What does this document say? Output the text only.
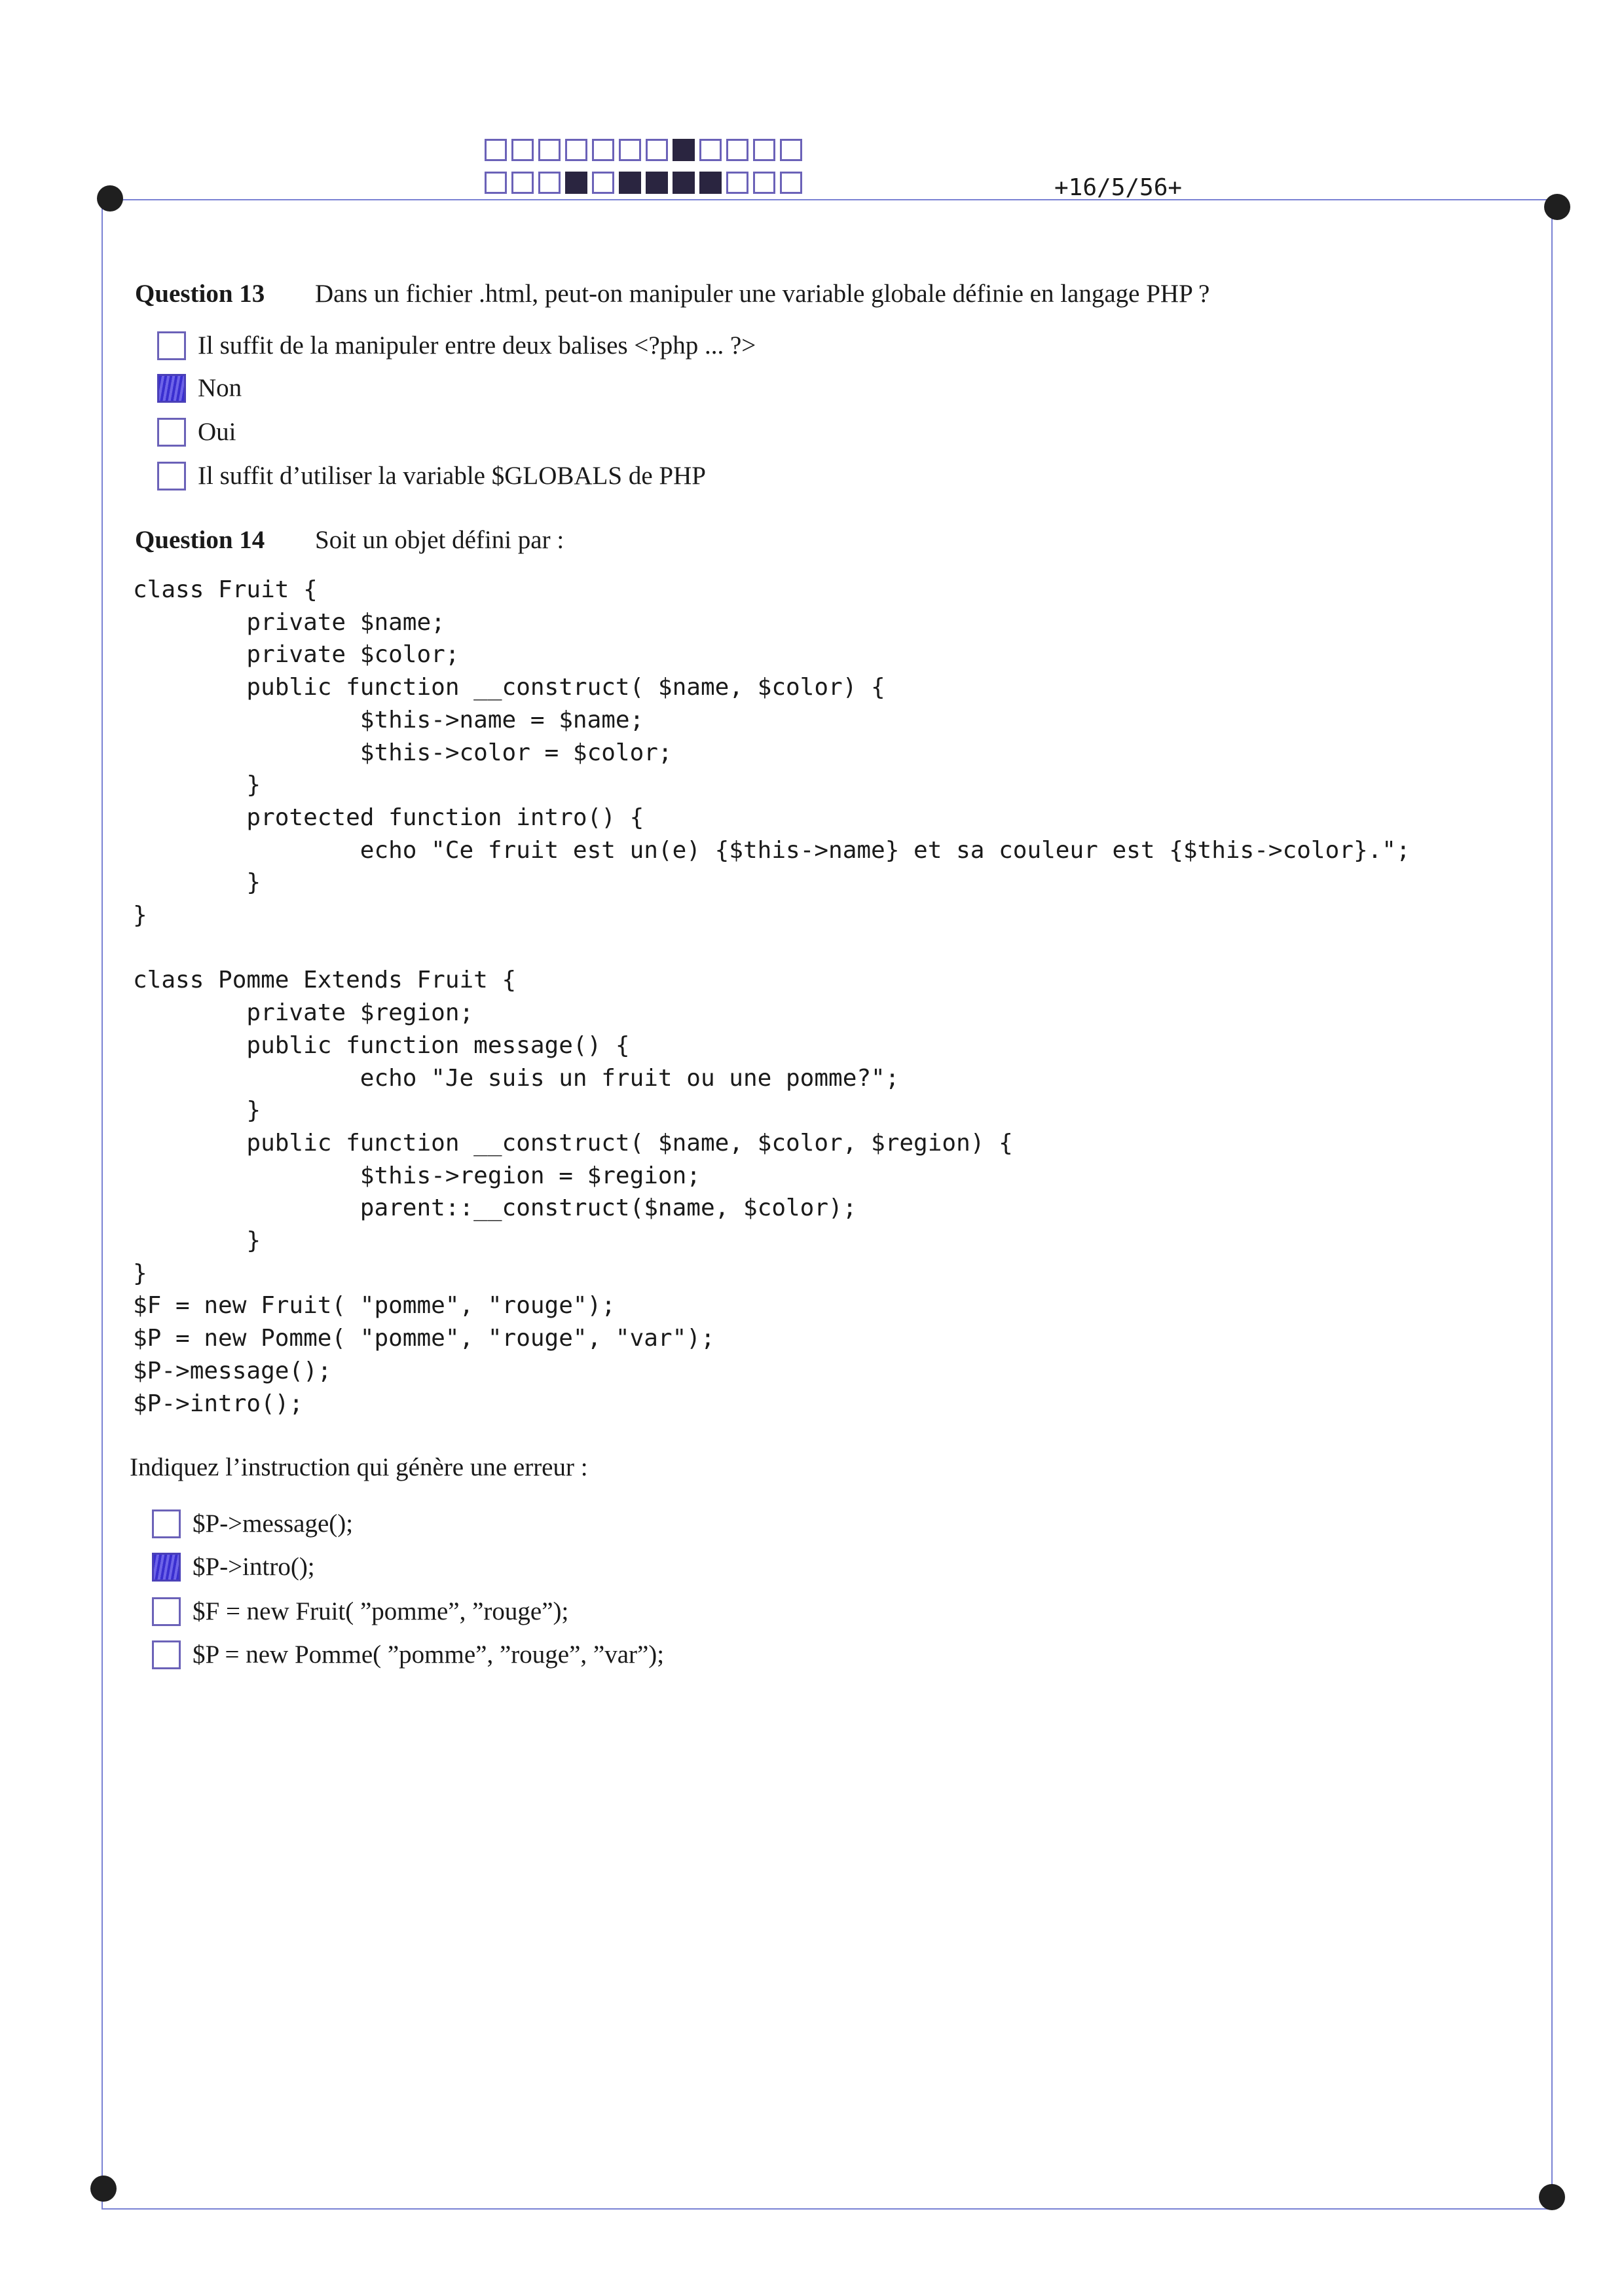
+16/5/56+
Question 13	Dans un fichier .html, peut-on manipuler une variable globale définie en langage PHP ?
Il suffit de la manipuler entre deux balises <?php ... ?>
Non
Oui
Il suffit d’utiliser la variable $GLOBALS de PHP
Question 14	Soit un objet défini par :
class Fruit {
private $name;
private $color;
public function __construct( $name, $color) {
$this->name = $name;
$this->color = $color;
}
protected function intro() {
echo "Ce fruit est un(e) {$this->name} et sa couleur est {$this->color}.";
}
}

class Pomme Extends Fruit {
private $region;
public function message() {
echo "Je suis un fruit ou une pomme?";
}
public function __construct( $name, $color, $region) {
$this->region = $region;
parent::__construct($name, $color);
}
}
$F = new Fruit( "pomme", "rouge");
$P = new Pomme( "pomme", "rouge", "var");
$P->message();
$P->intro();
Indiquez l’instruction qui génère une erreur :
$P->message();
$P->intro();
$F = new Fruit( ”pomme”, ”rouge”);
$P = new Pomme( ”pomme”, ”rouge”, ”var”);
